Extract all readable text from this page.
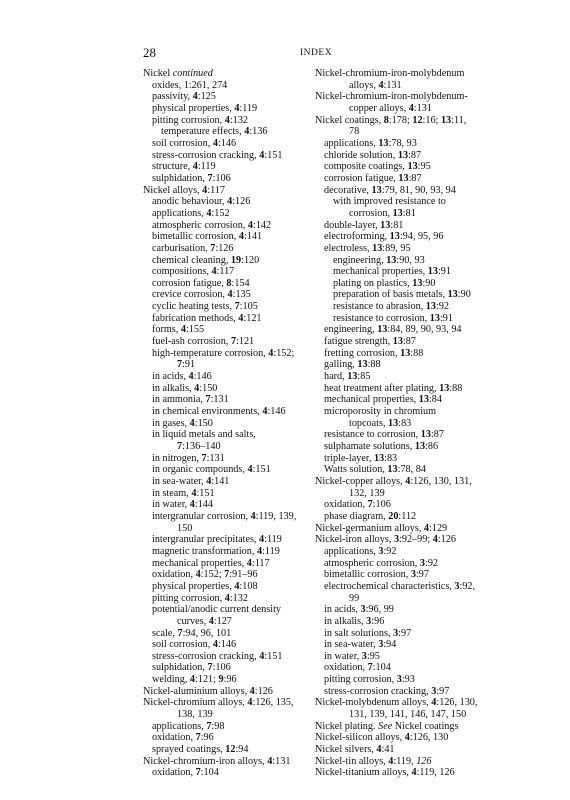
28	INDEX
Nickel continued
oxides, 1:261, 274
passivity, 4:125
physical properties, 4:119
pitting corrosion, 4:132
temperature effects, 4:136
soil corrosion, 4:146
stress-corrosion cracking, 4:151
structure, 4:119
sulphidation, 7:106
Nickel alloys, 4:117
anodic behaviour, 4:126
applications, 4:152
atmospheric corrosion, 4:142
bimetallic corrosion, 4:141
carburisation, 7:126
chemical cleaning, 19:120
compositions, 4:117
corrosion fatigue, 8:154
crevice corrosion, 4:135
cyclic heating tests, 7:105
fabrication methods, 4:121
forms, 4:155
fuel-ash corrosion, 7:121
high-temperature corrosion, 4:152;
7:91
in acids, 4:146
in alkalis, 4:150
in ammonia, 7:131
in chemical environments, 4:146
in gases, 4:150
in liquid metals and salts,
7:136–140
in nitrogen, 7:131
in organic compounds, 4:151
in sea-water, 4:141
in steam, 4:151
in water, 4:144
intergranular corrosion, 4:119, 139,
150
intergranular precipitates, 4:119
magnetic transformation, 4:119
mechanical properties, 4:117
oxidation, 4:152; 7:91–96
physical properties, 4:108
pitting corrosion, 4:132
potential/anodic current density
curves, 4:127
scale, 7:94, 96, 101
soil corrosion, 4:146
stress-corrosion cracking, 4:151
sulphidation, 7:106
welding, 4:121; 9:96
Nickel-aluminium alloys, 4:126
Nickel-chromium alloys, 4:126, 135,
138, 139
applications, 7:98
oxidation, 7:96
sprayed coatings, 12:94
Nickel-chromium-iron alloys, 4:131
oxidation, 7:104
Nickel-chromium-iron-molybdenum
alloys, 4:131
Nickel-chromium-iron-molybdenum-
copper alloys, 4:131
Nickel coatings, 8:178; 12:16; 13:11,
78
applications, 13:78, 93
chloride solution, 13:87
composite coatings, 13:95
corrosion fatigue, 13:87
decorative, 13:79, 81, 90, 93, 94
with improved resistance to
corrosion, 13:81
double-layer, 13:81
electroforming, 13:94, 95, 96
electroless, 13:89, 95
engineering, 13:90, 93
mechanical properties, 13:91
plating on plastics, 13:90
preparation of basis metals, 13:90
resistance to abrasion, 13:92
resistance to corrosion, 13:91
engineering, 13:84, 89, 90, 93, 94
fatigue strength, 13:87
fretting corrosion, 13:88
galling, 13:88
hard, 13:85
heat treatment after plating, 13:88
mechanical properties, 13:84
microporosity in chromium
topcoats, 13:83
resistance to corrosion, 13:87
sulphamate solutions, 13:86
triple-layer, 13:83
Watts solution, 13:78, 84
Nickel-copper alloys, 4:126, 130, 131,
132, 139
oxidation, 7:106
phase diagram, 20:112
Nickel-germanium alloys, 4:129
Nickel-iron alloys, 3:92–99; 4:126
applications, 3:92
atmospheric corrosion, 3:92
bimetallic corrosion, 3:97
electrochemical characteristics, 3:92,
99
in acids, 3:96, 99
in alkalis, 3:96
in salt solutions, 3:97
in sea-water, 3:94
in water, 3:95
oxidation, 7:104
pitting corrosion, 3:93
stress-corrosion cracking, 3:97
Nickel-molybdenum alloys, 4:126, 130,
131, 139, 141, 146, 147, 150
Nickel plating. See Nickel coatings
Nickel-silicon alloys, 4:126, 130
Nickel silvers, 4:41
Nickel-tin alloys, 4:119, 126
Nickel-titanium alloys, 4:119, 126
